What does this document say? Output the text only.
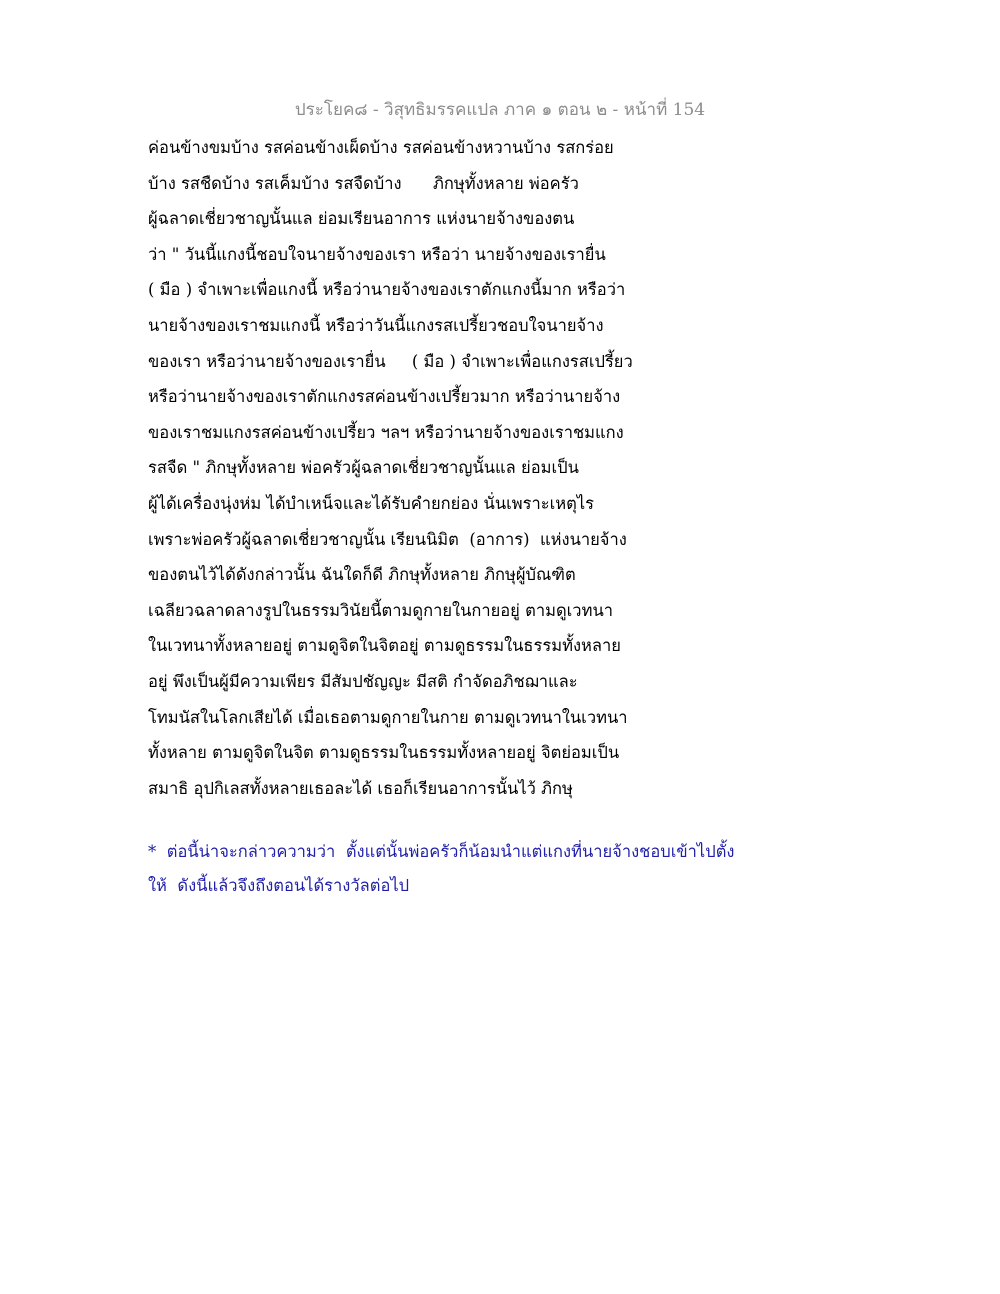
ประโยค๘ - วิสุทธิมรรคแปล ภาค ๑ ตอน ๒ - หน้าที่ 154
ค่อนข้างขมบ้าง รสค่อนข้างเผ็ดบ้าง รสค่อนข้างหวานบ้าง รสกร่อย
บ้าง รสชืดบ้าง รสเค็มบ้าง รสจืดบ้าง      ภิกษุทั้งหลาย พ่อครัว
ผู้ฉลาดเชี่ยวชาญนั้นแล ย่อมเรียนอาการ แห่งนายจ้างของตน
ว่า " วันนี้แกงนี้ชอบใจนายจ้างของเรา หรือว่า นายจ้างของเรายื่น
( มือ ) จำเพาะเพื่อแกงนี้ หรือว่านายจ้างของเราตักแกงนี้มาก หรือว่า
นายจ้างของเราชมแกงนี้ หรือว่าวันนี้แกงรสเปรี้ยวชอบใจนายจ้าง
ของเรา หรือว่านายจ้างของเรายื่น     ( มือ ) จำเพาะเพื่อแกงรสเปรี้ยว
หรือว่านายจ้างของเราตักแกงรสค่อนข้างเปรี้ยวมาก หรือว่านายจ้าง
ของเราชมแกงรสค่อนข้างเปรี้ยว ฯลฯ หรือว่านายจ้างของเราชมแกง
รสจืด " ภิกษุทั้งหลาย พ่อครัวผู้ฉลาดเชี่ยวชาญนั้นแล ย่อมเป็น
ผู้ได้เครื่องนุ่งห่ม ได้บำเหน็จและได้รับคำยกย่อง นั่นเพราะเหตุไร
เพราะพ่อครัวผู้ฉลาดเชี่ยวชาญนั้น เรียนนิมิต  (อาการ)  แห่งนายจ้าง
ของตนไว้ได้ดังกล่าวนั้น ฉันใดก็ดี ภิกษุทั้งหลาย ภิกษุผู้บัณฑิต
เฉลียวฉลาดลางรูปในธรรมวินัยนี้ตามดูกายในกายอยู่ ตามดูเวทนา
ในเวทนาทั้งหลายอยู่ ตามดูจิตในจิตอยู่ ตามดูธรรมในธรรมทั้งหลาย
อยู่ พึงเป็นผู้มีความเพียร มีสัมปชัญญะ มีสติ กำจัดอภิชฌาและ
โทมนัสในโลกเสียได้ เมื่อเธอตามดูกายในกาย ตามดูเวทนาในเวทนา
ทั้งหลาย ตามดูจิตในจิต ตามดูธรรมในธรรมทั้งหลายอยู่ จิตย่อมเป็น
สมาธิ อุปกิเลสทั้งหลายเธอละได้ เธอก็เรียนอาการนั้นไว้ ภิกษุ
*  ต่อนี้น่าจะกล่าวความว่า  ตั้งแต่นั้นพ่อครัวก็น้อมนำแต่แกงที่นายจ้างชอบเข้าไปตั้ง
ให้  ดังนี้แล้วจึงถึงตอนได้รางวัลต่อไป
